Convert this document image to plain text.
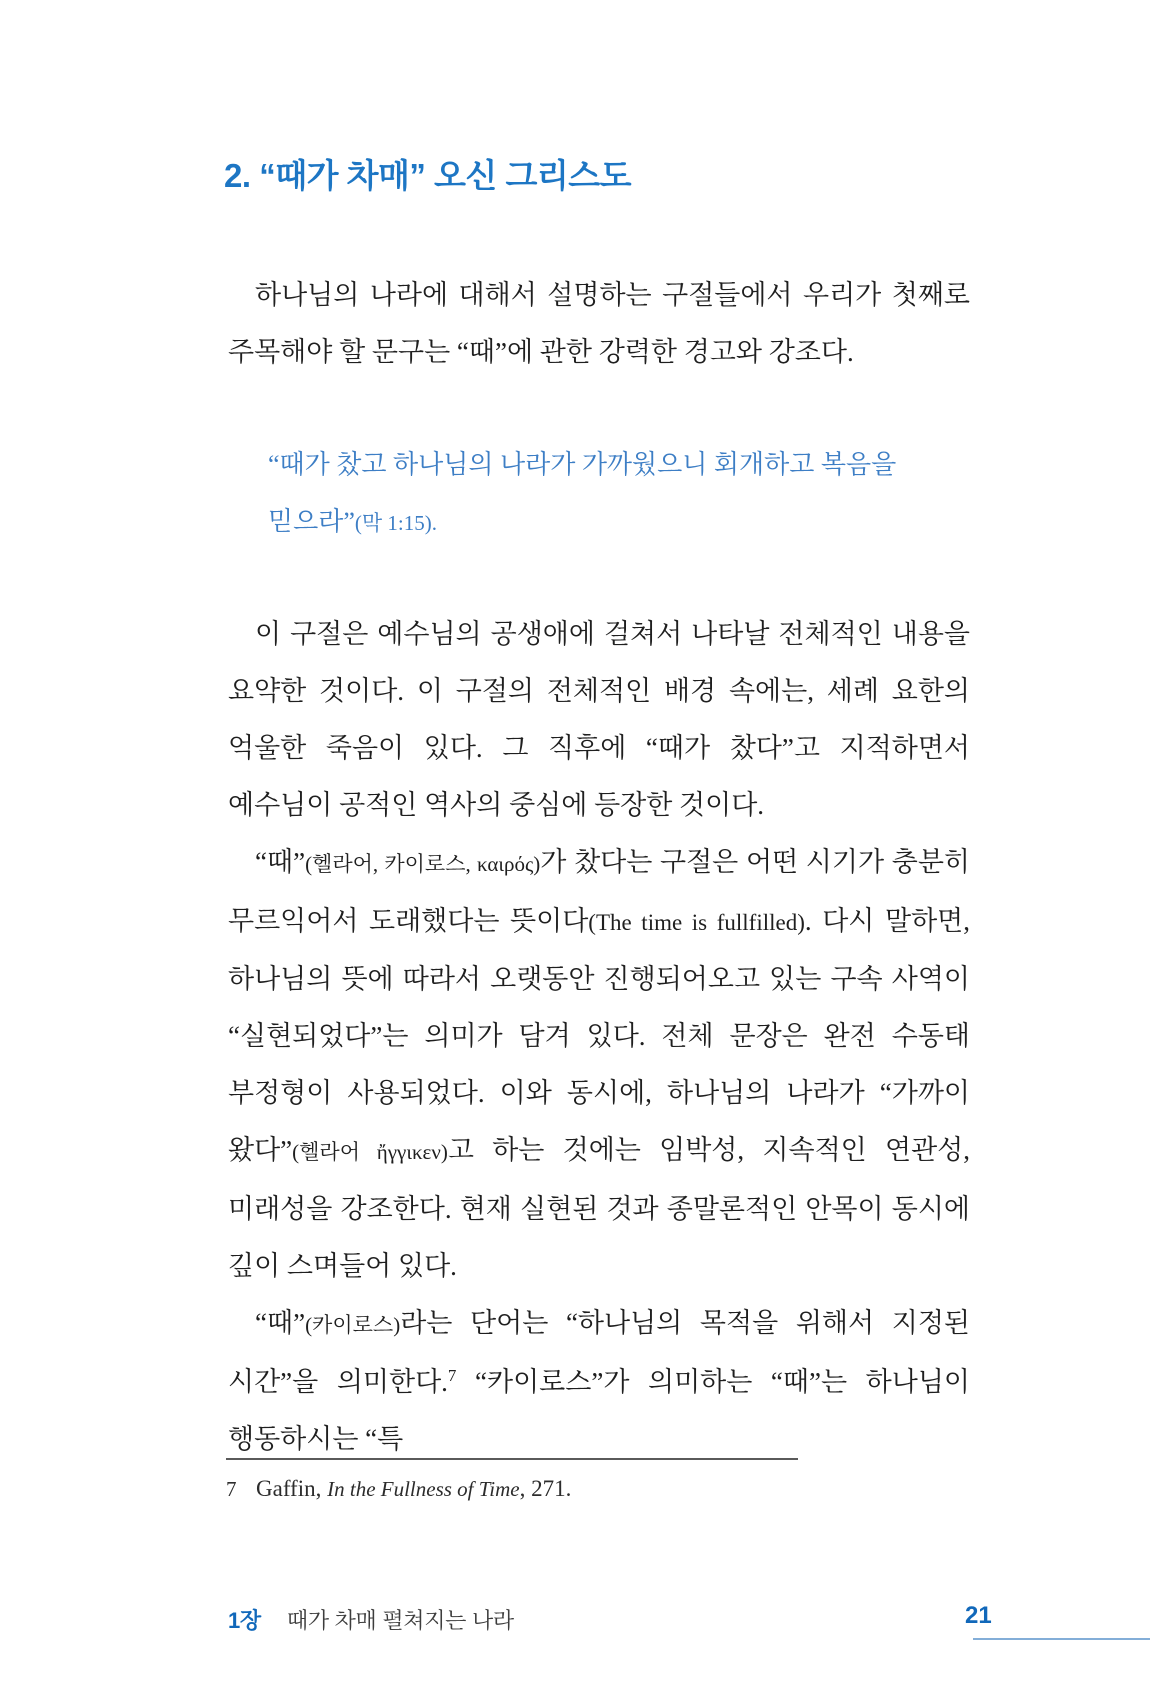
2. “때가 차매” 오신 그리스도

하나님의 나라에 대해서 설명하는 구절들에서 우리가 첫째로 주목해야 할 문구는 “때”에 관한 강력한 경고와 강조다.

“때가 찼고 하나님의 나라가 가까웠으니 회개하고 복음을 믿으라”(막 1:15).

이 구절은 예수님의 공생애에 걸쳐서 나타날 전체적인 내용을 요약한 것이다. 이 구절의 전체적인 배경 속에는, 세례 요한의 억울한 죽음이 있다. 그 직후에 “때가 찼다”고 지적하면서 예수님이 공적인 역사의 중심에 등장한 것이다.

“때”(헬라어, 카이로스, καιρός)가 찼다는 구절은 어떤 시기가 충분히 무르익어서 도래했다는 뜻이다(The time is fullfilled). 다시 말하면, 하나님의 뜻에 따라서 오랫동안 진행되어오고 있는 구속 사역이 “실현되었다”는 의미가 담겨 있다. 전체 문장은 완전 수동태 부정형이 사용되었다. 이와 동시에, 하나님의 나라가 “가까이 왔다”(헬라어 ἤγγικεν)고 하는 것에는 임박성, 지속적인 연관성, 미래성을 강조한다. 현재 실현된 것과 종말론적인 안목이 동시에 깊이 스며들어 있다.

“때”(카이로스)라는 단어는 “하나님의 목적을 위해서 지정된 시간”을 의미한다.$^7$ “카이로스”가 의미하는 “때”는 하나님이 행동하시는 “특

7 Gaffin, In the Fullness of Time, 271.
1장 때가 차매 펼쳐지는 나라	21
